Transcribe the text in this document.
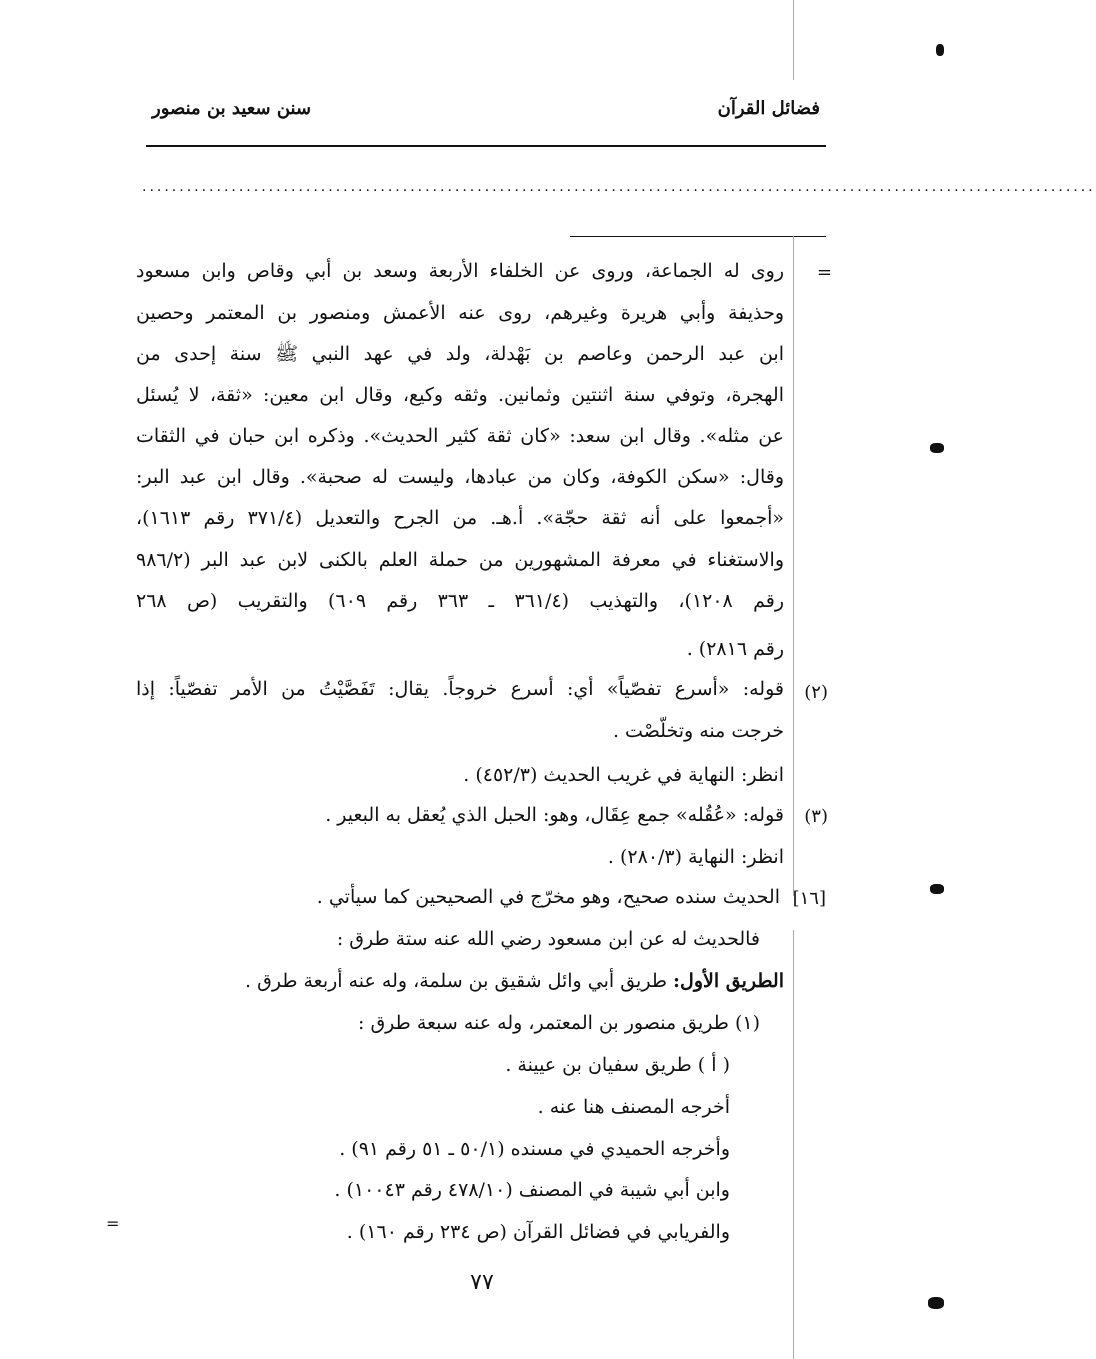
فضائل القرآن
سنن سعيد بن منصور
................................................................................................................................
=
روى له الجماعة، وروى عن الخلفاء الأربعة وسعد بن أبي وقاص وابن مسعود
وحذيفة وأبي هريرة وغيرهم، روى عنه الأعمش ومنصور بن المعتمر وحصين
ابن عبد الرحمن وعاصم بن بَهْدلة، ولد في عهد النبي ﷺ سنة إحدى من
الهجرة، وتوفي سنة اثنتين وثمانين. وثقه وكيع، وقال ابن معين: «ثقة، لا يُسئل
عن مثله». وقال ابن سعد: «كان ثقة كثير الحديث». وذكره ابن حبان في الثقات
وقال: «سكن الكوفة، وكان من عبادها، وليست له صحبة». وقال ابن عبد البر:
«أجمعوا على أنه ثقة حجّة». أ.هـ. من الجرح والتعديل (٣٧١/٤ رقم ١٦١٣)،
والاستغناء في معرفة المشهورين من حملة العلم بالكنى لابن عبد البر (٩٨٦/٢
رقم ١٢٠٨)، والتهذيب (٣٦١/٤ ـ ٣٦٣ رقم ٦٠٩) والتقريب (ص ٢٦٨
رقم ٢٨١٦) .
(٢)
قوله: «أسرع تفصّياً» أي: أسرع خروجاً. يقال: تَفَصَّيْتُ من الأمر تفصّياً: إذا
خرجت منه وتخلّصْت .
انظر: النهاية في غريب الحديث (٤٥٢/٣) .
(٣)
قوله: «عُقُله» جمع عِقَال، وهو: الحبل الذي يُعقل به البعير .
انظر: النهاية (٢٨٠/٣) .
[١٦]
الحديث سنده صحيح، وهو مخرّج في الصحيحين كما سيأتي .
فالحديث له عن ابن مسعود رضي الله عنه ستة طرق :
الطريق الأول: طريق أبي وائل شقيق بن سلمة، وله عنه أربعة طرق .
(١) طريق منصور بن المعتمر، وله عنه سبعة طرق :
( أ ) طريق سفيان بن عيينة .
أخرجه المصنف هنا عنه .
وأخرجه الحميدي في مسنده (٥٠/١ ـ ٥١ رقم ٩١) .
وابن أبي شيبة في المصنف (٤٧٨/١٠ رقم ١٠٠٤٣) .
والفريابي في فضائل القرآن (ص ٢٣٤ رقم ١٦٠) .
=
٧٧
